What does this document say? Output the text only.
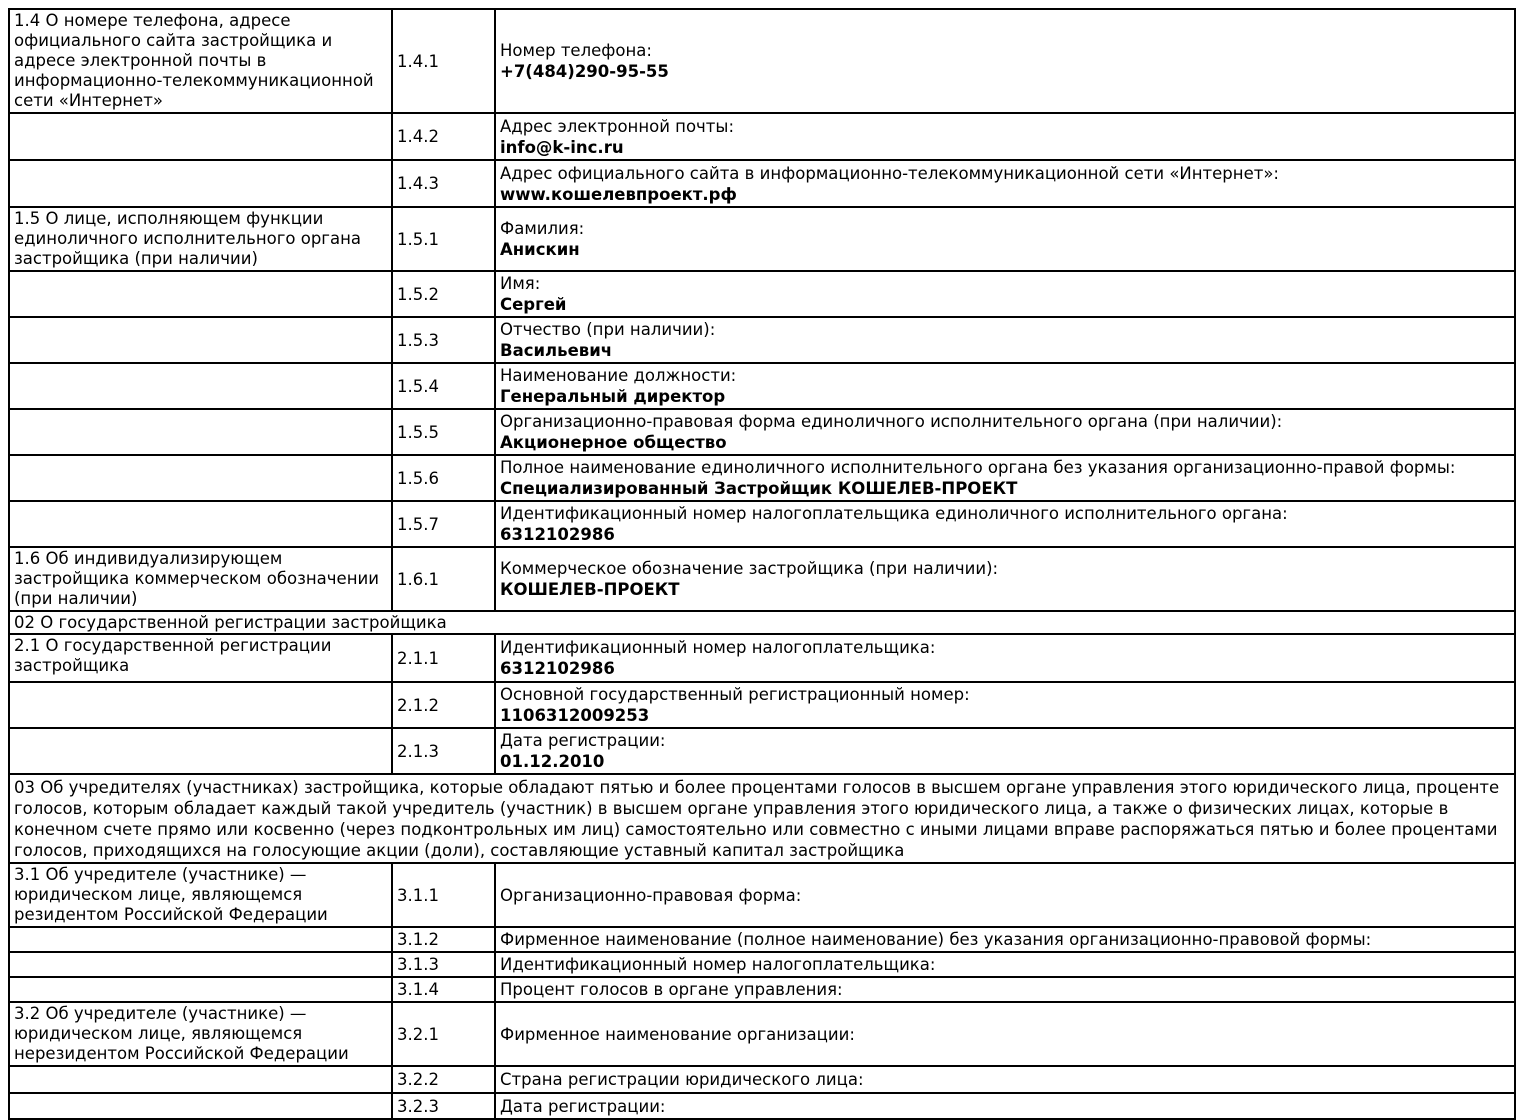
1.4 О номере телефона, адресе официального сайта застройщика и адресе электронной почты в информационно-телекоммуникационной сети «Интернет»	1.4.1	Номер телефона:
+7(484)290-95-55

	1.4.2	Адрес электронной почты:
info@k-inc.ru

	1.4.3	Адрес официального сайта в информационно-телекоммуникационной сети «Интернет»:
www.кошелевпроект.рф

1.5 О лице, исполняющем функции единоличного исполнительного органа застройщика (при наличии)	1.5.1	Фамилия:
Анискин

	1.5.2	Имя:
Сергей

	1.5.3	Отчество (при наличии):
Васильевич

	1.5.4	Наименование должности:
Генеральный директор

	1.5.5	Организационно-правовая форма единоличного исполнительного органа (при наличии):
Акционерное общество

	1.5.6	Полное наименование единоличного исполнительного органа без указания организационно-правой формы:
Специализированный Застройщик КОШЕЛЕВ-ПРОЕКТ

	1.5.7	Идентификационный номер налогоплательщика единоличного исполнительного органа:
6312102986

1.6 Об индивидуализирующем застройщика коммерческом обозначении (при наличии)	1.6.1	Коммерческое обозначение застройщика (при наличии):
КОШЕЛЕВ-ПРОЕКТ

02 О государственной регистрации застройщика		
2.1 О государственной регистрации застройщика	2.1.1	Идентификационный номер налогоплательщика:
6312102986

	2.1.2	Основной государственный регистрационный номер:
1106312009253

	2.1.3	Дата регистрации:
01.12.2010

03 Об учредителях (участниках) застройщика, которые обладают пятью и более процентами голосов в высшем органе управления этого юридического лица, проценте голосов, которым обладает каждый такой учредитель (участник) в высшем органе управления этого юридического лица, а также о физических лицах, которые в конечном счете прямо или косвенно (через подконтрольных им лиц) самостоятельно или совместно с иными лицами вправе распоряжаться пятью и более процентами голосов, приходящихся на голосующие акции (доли), составляющие уставный капитал застройщика		
3.1 Об учредителе (участнике) — юридическом лице, являющемся резидентом Российской Федерации	3.1.1	Организационно-правовая форма:

	3.1.2	Фирменное наименование (полное наименование) без указания организационно-правовой формы:

	3.1.3	Идентификационный номер налогоплательщика:

	3.1.4	Процент голосов в органе управления:

3.2 Об учредителе (участнике) — юридическом лице, являющемся нерезидентом Российской Федерации	3.2.1	Фирменное наименование организации:

	3.2.2	Страна регистрации юридического лица:

	3.2.3	Дата регистрации:
